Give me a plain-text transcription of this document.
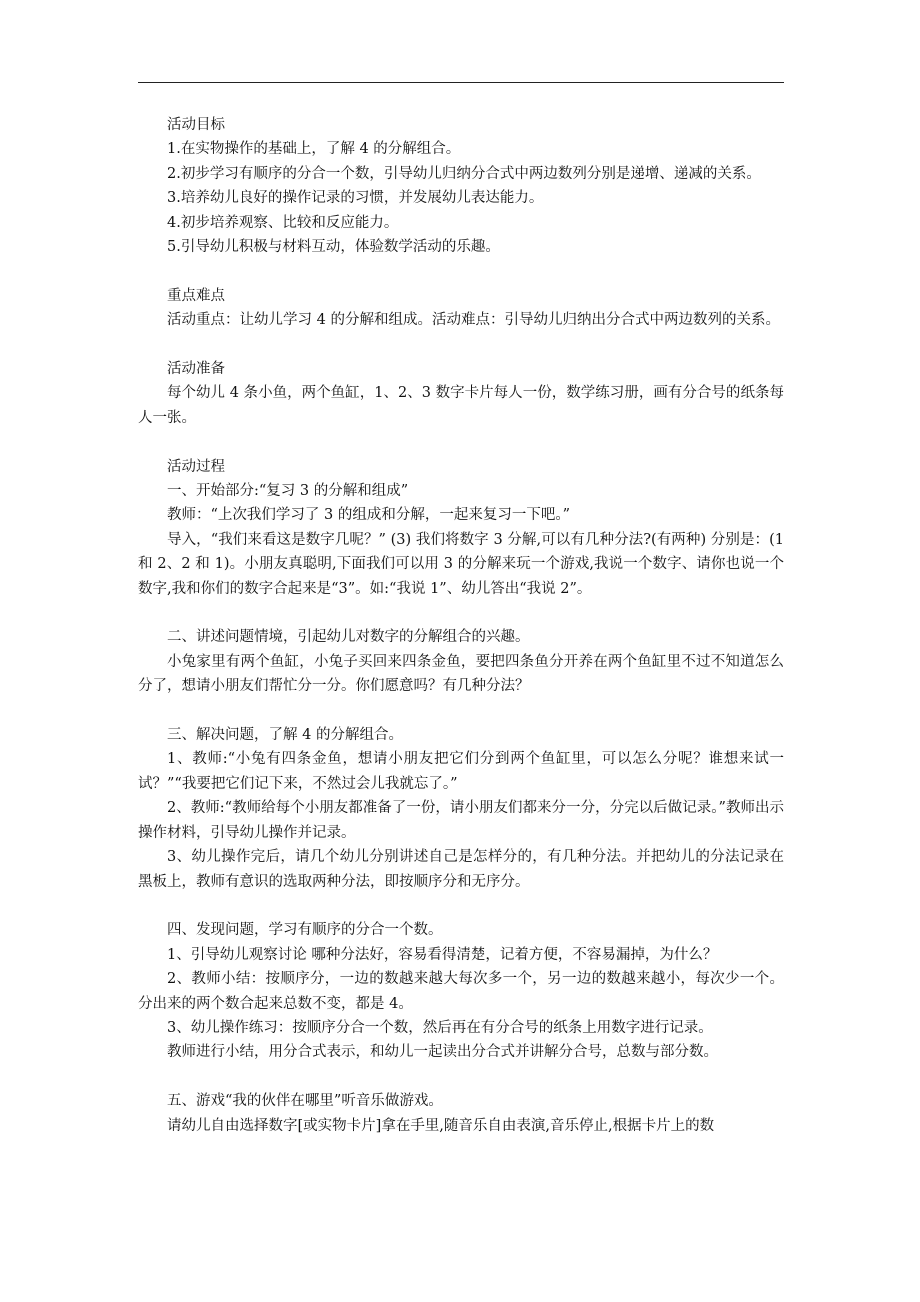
活动目标

1.在实物操作的基础上，了解 4 的分解组合。

2.初步学习有顺序的分合一个数，引导幼儿归纳分合式中两边数列分别是递增、递减的关系。

3.培养幼儿良好的操作记录的习惯，并发展幼儿表达能力。

4.初步培养观察、比较和反应能力。

5.引导幼儿积极与材料互动，体验数学活动的乐趣。

重点难点

活动重点：让幼儿学习 4 的分解和组成。活动难点：引导幼儿归纳出分合式中两边数列的关系。

活动准备

每个幼儿 4 条小鱼，两个鱼缸，1、2、3 数字卡片每人一份，数学练习册，画有分合号的纸条每人一张。

活动过程

一、开始部分:“复习 3 的分解和组成”

教师：“上次我们学习了 3 的组成和分解，一起来复习一下吧。”

导入，“我们来看这是数字几呢？” (3) 我们将数字 3 分解,可以有几种分法?(有两种) 分别是：(1 和 2、2 和 1)。小朋友真聪明,下面我们可以用 3 的分解来玩一个游戏,我说一个数字、请你也说一个数字,我和你们的数字合起来是“3”。如:“我说 1”、幼儿答出“我说 2”。

二、讲述问题情境，引起幼儿对数字的分解组合的兴趣。

小兔家里有两个鱼缸，小兔子买回来四条金鱼，要把四条鱼分开养在两个鱼缸里不过不知道怎么分了，想请小朋友们帮忙分一分。你们愿意吗？有几种分法？

三、解决问题，了解 4 的分解组合。

1、教师:“小兔有四条金鱼，想请小朋友把它们分到两个鱼缸里，可以怎么分呢？谁想来试一试？”“我要把它们记下来，不然过会儿我就忘了。”

2、教师:“教师给每个小朋友都准备了一份，请小朋友们都来分一分，分完以后做记录。”教师出示操作材料，引导幼儿操作并记录。

3、幼儿操作完后，请几个幼儿分别讲述自己是怎样分的，有几种分法。并把幼儿的分法记录在黑板上，教师有意识的选取两种分法，即按顺序分和无序分。

四、发现问题，学习有顺序的分合一个数。

1、引导幼儿观察讨论 哪种分法好，容易看得清楚，记着方便，不容易漏掉，为什么？

2、教师小结：按顺序分，一边的数越来越大每次多一个，另一边的数越来越小，每次少一个。分出来的两个数合起来总数不变，都是 4。

3、幼儿操作练习：按顺序分合一个数，然后再在有分合号的纸条上用数字进行记录。

教师进行小结，用分合式表示，和幼儿一起读出分合式并讲解分合号，总数与部分数。

五、游戏“我的伙伴在哪里”听音乐做游戏。

请幼儿自由选择数字[或实物卡片]拿在手里,随音乐自由表演,音乐停止,根据卡片上的数
